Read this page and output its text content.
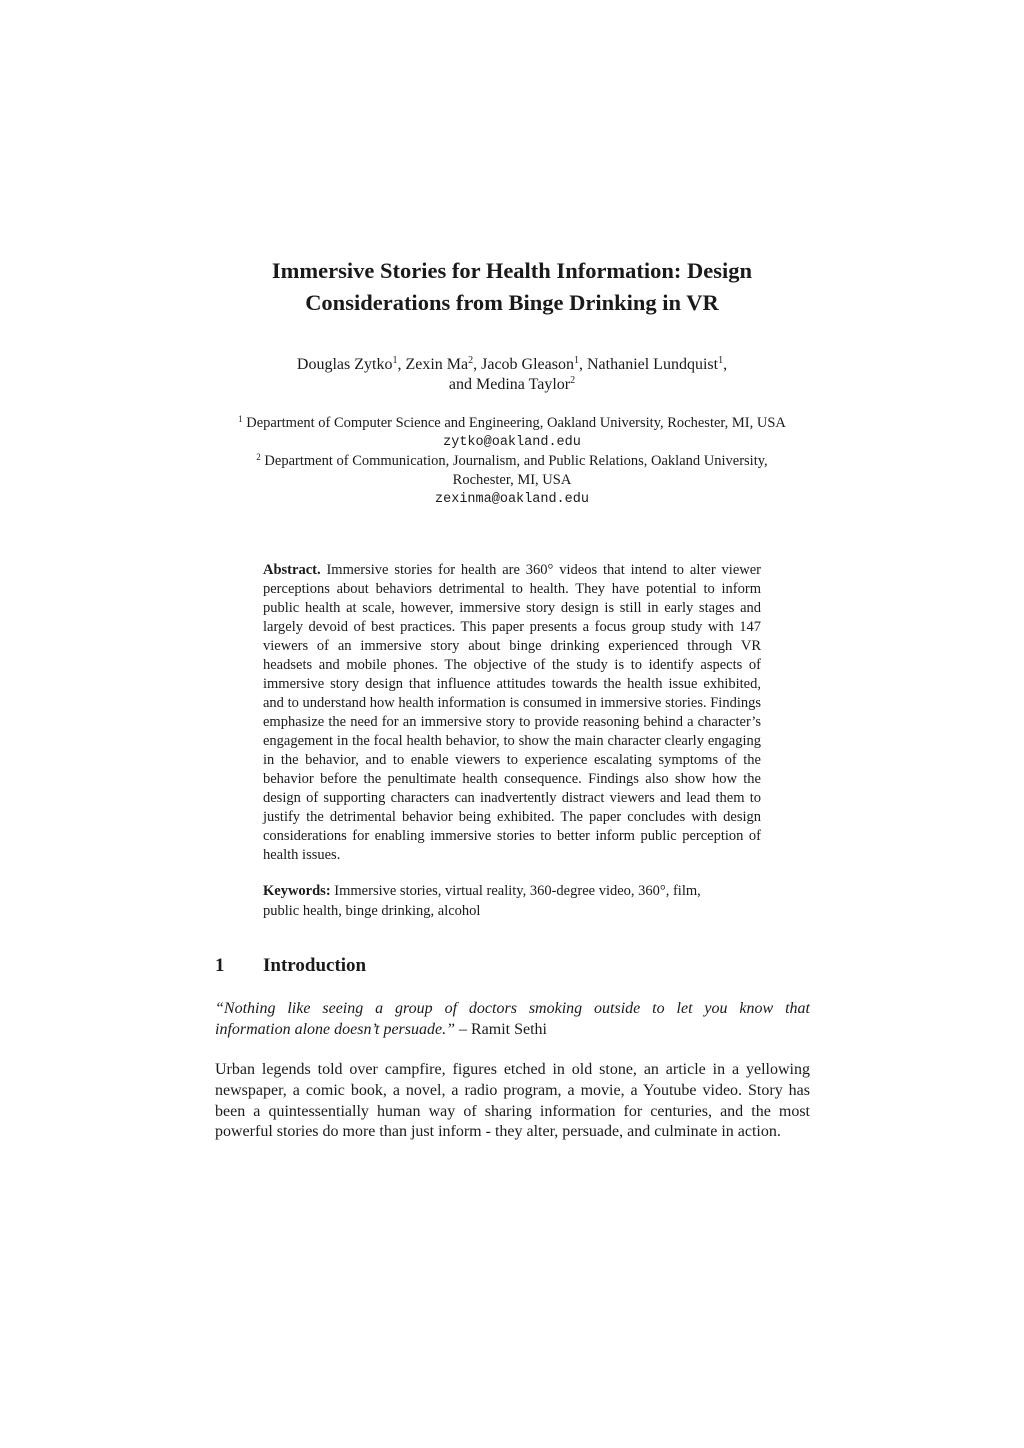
Immersive Stories for Health Information: Design
Considerations from Binge Drinking in VR
Douglas Zytko$^1$, Zexin Ma$^2$, Jacob Gleason$^1$, Nathaniel Lundquist$^1$,
and Medina Taylor$^2$
$^1$ Department of Computer Science and Engineering, Oakland University, Rochester, MI, USA
zytko@oakland.edu
$^2$ Department of Communication, Journalism, and Public Relations, Oakland University,
Rochester, MI, USA
zexinma@oakland.edu
Abstract. Immersive stories for health are 360° videos that intend to alter viewer perceptions about behaviors detrimental to health. They have potential to inform public health at scale, however, immersive story design is still in early stages and largely devoid of best practices. This paper presents a focus group study with 147 viewers of an immersive story about binge drinking experienced through VR headsets and mobile phones. The objective of the study is to identify aspects of immersive story design that influence attitudes towards the health issue exhibited, and to understand how health information is consumed in immersive stories. Findings emphasize the need for an immersive story to provide reasoning behind a character’s engagement in the focal health behavior, to show the main character clearly engaging in the behavior, and to enable viewers to experience escalating symptoms of the behavior before the penultimate health consequence. Findings also show how the design of supporting characters can inadvertently distract viewers and lead them to justify the detrimental behavior being exhibited. The paper concludes with design considerations for enabling immersive stories to better inform public perception of health issues.
Keywords: Immersive stories, virtual reality, 360-degree video, 360°, film,
public health, binge drinking, alcohol
1 Introduction
“Nothing like seeing a group of doctors smoking outside to let you know that
information alone doesn’t persuade.” – Ramit Sethi
Urban legends told over campfire, figures etched in old stone, an article in a yellowing newspaper, a comic book, a novel, a radio program, a movie, a Youtube video. Story has been a quintessentially human way of sharing information for centuries, and the most powerful stories do more than just inform - they alter, persuade, and culminate in action.
